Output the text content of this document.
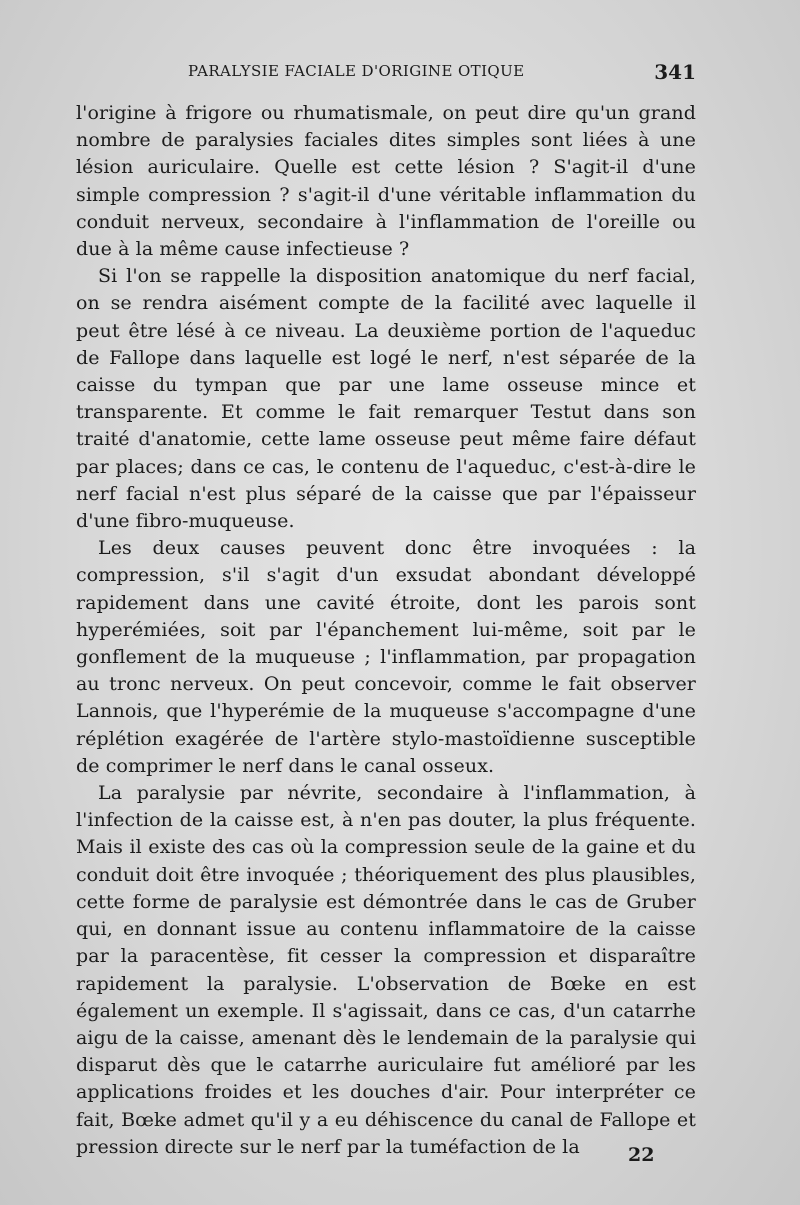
PARALYSIE FACIALE D'ORIGINE OTIQUE	341

l'origine à frigore ou rhumatismale, on peut dire qu'un grand nombre de paralysies faciales dites simples sont liées à une lésion auriculaire. Quelle est cette lésion ? S'agit-il d'une simple compression ? s'agit-il d'une véritable inflammation du conduit nerveux, secondaire à l'inflammation de l'oreille ou due à la même cause infectieuse ?

Si l'on se rappelle la disposition anatomique du nerf facial, on se rendra aisément compte de la facilité avec laquelle il peut être lésé à ce niveau. La deuxième portion de l'aqueduc de Fallope dans laquelle est logé le nerf, n'est séparée de la caisse du tympan que par une lame osseuse mince et transparente. Et comme le fait remarquer Testut dans son traité d'anatomie, cette lame osseuse peut même faire défaut par places; dans ce cas, le contenu de l'aqueduc, c'est-à-dire le nerf facial n'est plus séparé de la caisse que par l'épaisseur d'une fibro-muqueuse.

Les deux causes peuvent donc être invoquées : la compression, s'il s'agit d'un exsudat abondant développé rapidement dans une cavité étroite, dont les parois sont hyperémiées, soit par l'épanchement lui-même, soit par le gonflement de la muqueuse ; l'inflammation, par propagation au tronc nerveux. On peut concevoir, comme le fait observer Lannois, que l'hyperémie de la muqueuse s'accompagne d'une réplétion exagérée de l'artère stylo-mastoïdienne susceptible de comprimer le nerf dans le canal osseux.

La paralysie par névrite, secondaire à l'inflammation, à l'infection de la caisse est, à n'en pas douter, la plus fréquente. Mais il existe des cas où la compression seule de la gaine et du conduit doit être invoquée ; théoriquement des plus plausibles, cette forme de paralysie est démontrée dans le cas de Gruber qui, en donnant issue au contenu inflammatoire de la caisse par la paracentèse, fit cesser la compression et disparaître rapidement la paralysie. L'observation de Bœke en est également un exemple. Il s'agissait, dans ce cas, d'un catarrhe aigu de la caisse, amenant dès le lendemain de la paralysie qui disparut dès que le catarrhe auriculaire fut amélioré par les applications froides et les douches d'air. Pour interpréter ce fait, Bœke admet qu'il y a eu déhiscence du canal de Fallope et pression directe sur le nerf par la tuméfaction de la	22
